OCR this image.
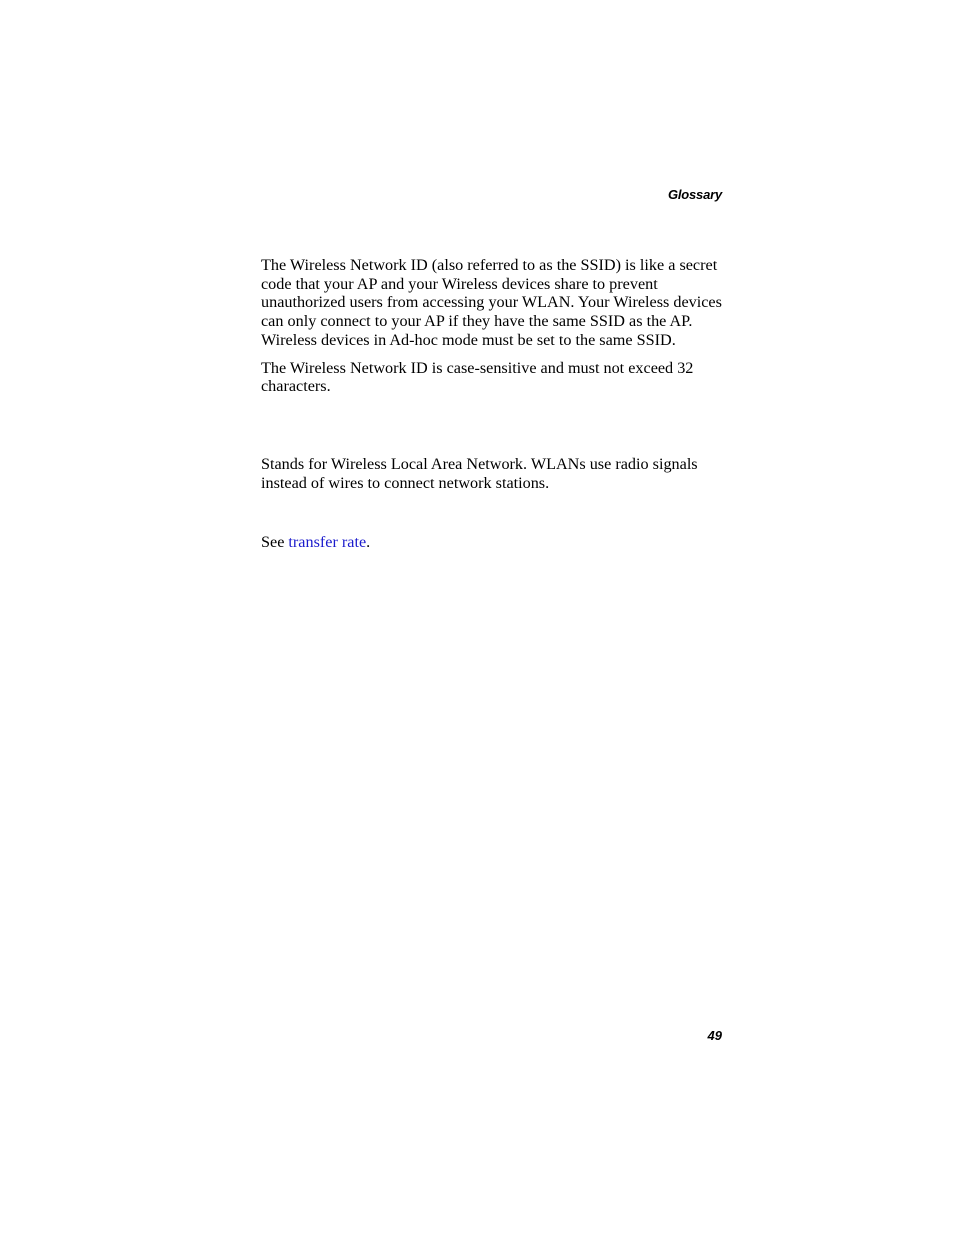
Glossary

The Wireless Network ID (also referred to as the SSID) is like a secret code that your AP and your Wireless devices share to prevent unauthorized users from accessing your WLAN. Your Wireless devices can only connect to your AP if they have the same SSID as the AP. Wireless devices in Ad-hoc mode must be set to the same SSID.

The Wireless Network ID is case-sensitive and must not exceed 32 characters.

Stands for Wireless Local Area Network. WLANs use radio signals instead of wires to connect network stations.

See transfer rate.

49
